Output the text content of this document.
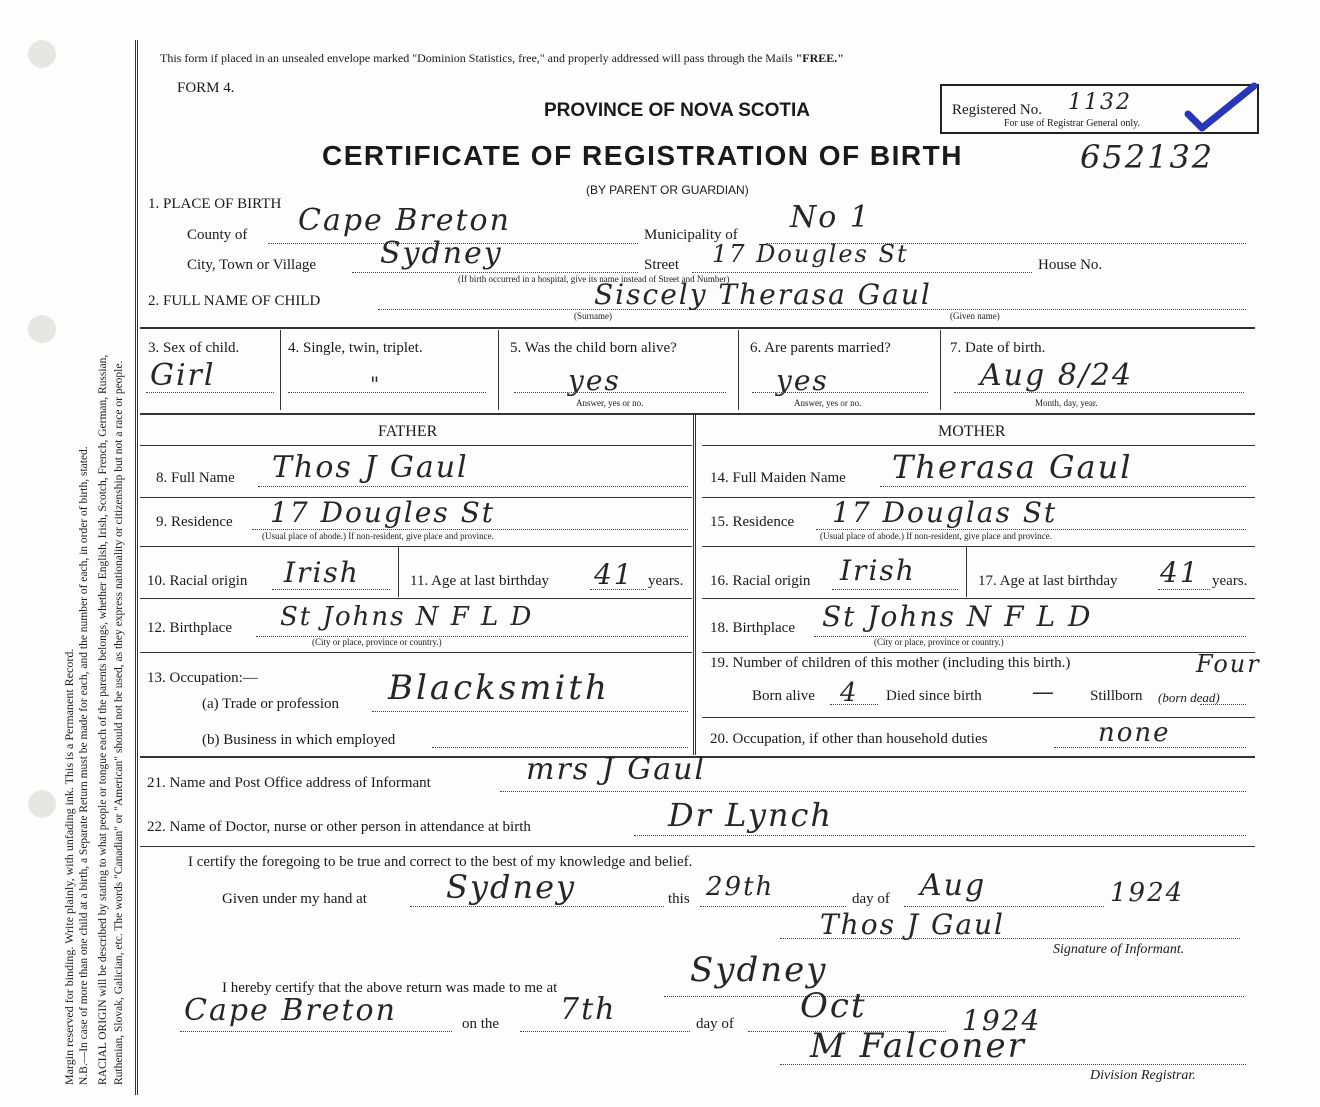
Margin reserved for binding. Write plainly, with unfading ink. This is a Permanent Record. N.B.—In case of more than one child at a birth, a Separate Return must be made for each, and the number of each, in order of birth, stated. RACIAL ORIGIN will be described by stating to what people or tongue each of the parents belongs, whether English, Irish, Scotch, French, German, Russian, Ruthenian, Slovak, Galician, etc. The words "Canadian" or "American" should not be used, as they express nationality or citizenship but not a race or people.
This form if placed in an unsealed envelope marked "Dominion Statistics, free," and properly addressed will pass through the Mails "FREE."
FORM 4.
PROVINCE OF NOVA SCOTIA
CERTIFICATE OF REGISTRATION OF BIRTH
(BY PARENT OR GUARDIAN)
652132
Registered No. 1132
For use of Registrar General only.
1. PLACE OF BIRTH
County of Cape Breton	Municipality of No 1
City, Town or Village Sydney	Street 17 Dougles St	House No.
(If birth occurred in a hospital, give its name instead of Street and Number)
2. FULL NAME OF CHILD	Siscely Therasa Gaul
(Surname)	(Given name)
3. Sex of child.
Girl
4. Single, twin, triplet.
"
5. Was the child born alive?
yes
Answer, yes or no.
6. Are parents married?
yes
Answer, yes or no.
7. Date of birth.
Aug 8/24
Month, day, year.
FATHER
8. Full Name Thos J Gaul
9. Residence 17 Dougles St
(Usual place of abode.) If non-resident, give place and province.
10. Racial origin Irish	11. Age at last birthday 41 years.
12. Birthplace St Johns N F L D
(City or place, province or country.)
13. Occupation:—
(a) Trade or profession Blacksmith
(b) Business in which employed
MOTHER
14. Full Maiden Name Therasa Gaul
15. Residence 17 Douglas St
(Usual place of abode.) If non-resident, give place and province.
16. Racial origin Irish	17. Age at last birthday 41 years.
18. Birthplace St Johns N F L D
(City or place, province or country.)
19. Number of children of this mother (including this birth.)	Four
Born alive 4 Died since birth — Stillborn (born dead)
20. Occupation, if other than household duties	none
21. Name and Post Office address of Informant	mrs J Gaul
22. Name of Doctor, nurse or other person in attendance at birth	Dr Lynch
I certify the foregoing to be true and correct to the best of my knowledge and belief.
Given under my hand at Sydney	this 29th	day of Aug	1924
Thos J Gaul
Signature of Informant.
I hereby certify that the above return was made to me at	Sydney
Cape Breton	on the 7th	day of Oct	1924
M Falconer
Division Registrar.
